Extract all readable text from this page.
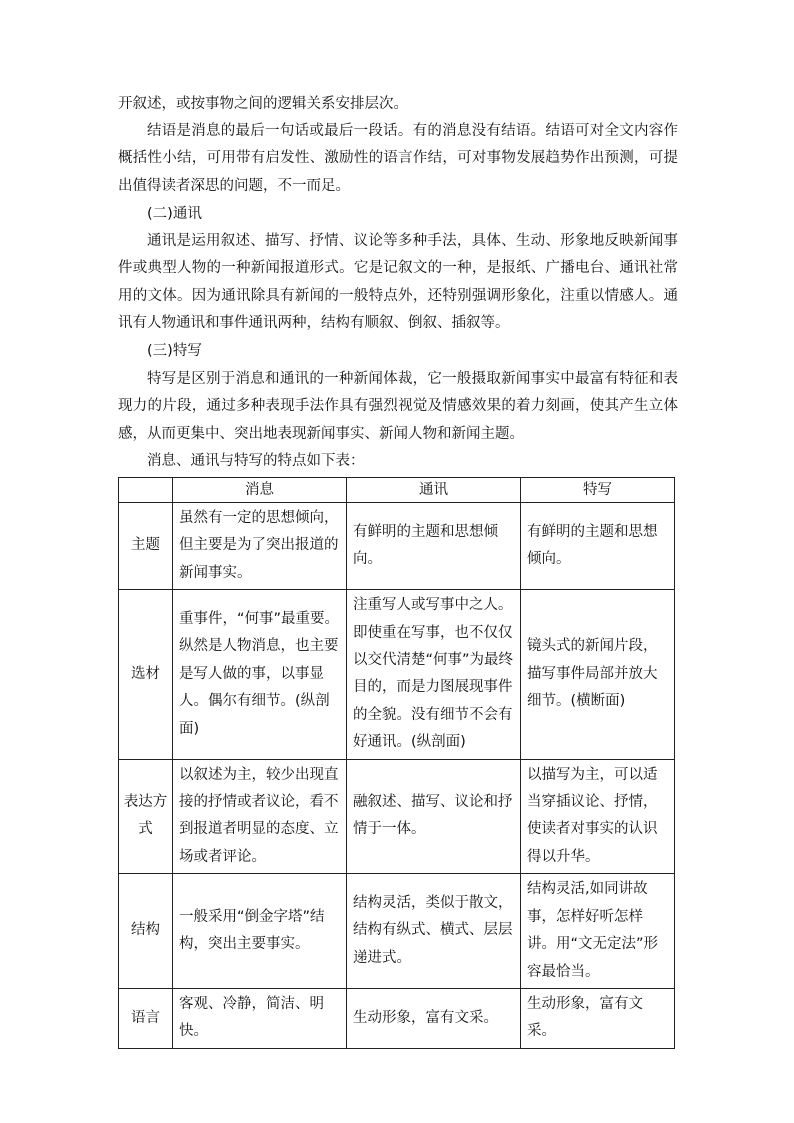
开叙述，或按事物之间的逻辑关系安排层次。

结语是消息的最后一句话或最后一段话。有的消息没有结语。结语可对全文内容作概括性小结，可用带有启发性、激励性的语言作结，可对事物发展趋势作出预测，可提出值得读者深思的问题，不一而足。

(二)通讯

通讯是运用叙述、描写、抒情、议论等多种手法，具体、生动、形象地反映新闻事件或典型人物的一种新闻报道形式。它是记叙文的一种，是报纸、广播电台、通讯社常用的文体。因为通讯除具有新闻的一般特点外，还特别强调形象化，注重以情感人。通讯有人物通讯和事件通讯两种，结构有顺叙、倒叙、插叙等。

(三)特写

特写是区别于消息和通讯的一种新闻体裁，它一般摄取新闻事实中最富有特征和表现力的片段，通过多种表现手法作具有强烈视觉及情感效果的着力刻画，使其产生立体感，从而更集中、突出地表现新闻事实、新闻人物和新闻主题。

消息、通讯与特写的特点如下表：

	消息	通讯	特写
主题	虽然有一定的思想倾向，但主要是为了突出报道的新闻事实。	有鲜明的主题和思想倾向。	有鲜明的主题和思想倾向。
选材	重事件，“何事”最重要。纵然是人物消息，也主要是写人做的事，以事显人。偶尔有细节。(纵剖面)	注重写人或写事中之人。即使重在写事，也不仅仅以交代清楚“何事”为最终目的，而是力图展现事件的全貌。没有细节不会有好通讯。(纵剖面)	镜头式的新闻片段，描写事件局部并放大细节。(横断面)
表达方式	以叙述为主，较少出现直接的抒情或者议论，看不到报道者明显的态度、立场或者评论。	融叙述、描写、议论和抒情于一体。	以描写为主，可以适当穿插议论、抒情，使读者对事实的认识得以升华。
结构	一般采用“倒金字塔”结构，突出主要事实。	结构灵活，类似于散文，结构有纵式、横式、层层递进式。	结构灵活,如同讲故事，怎样好听怎样讲。用“文无定法”形容最恰当。
语言	客观、冷静，简洁、明快。	生动形象，富有文采。	生动形象，富有文采。
